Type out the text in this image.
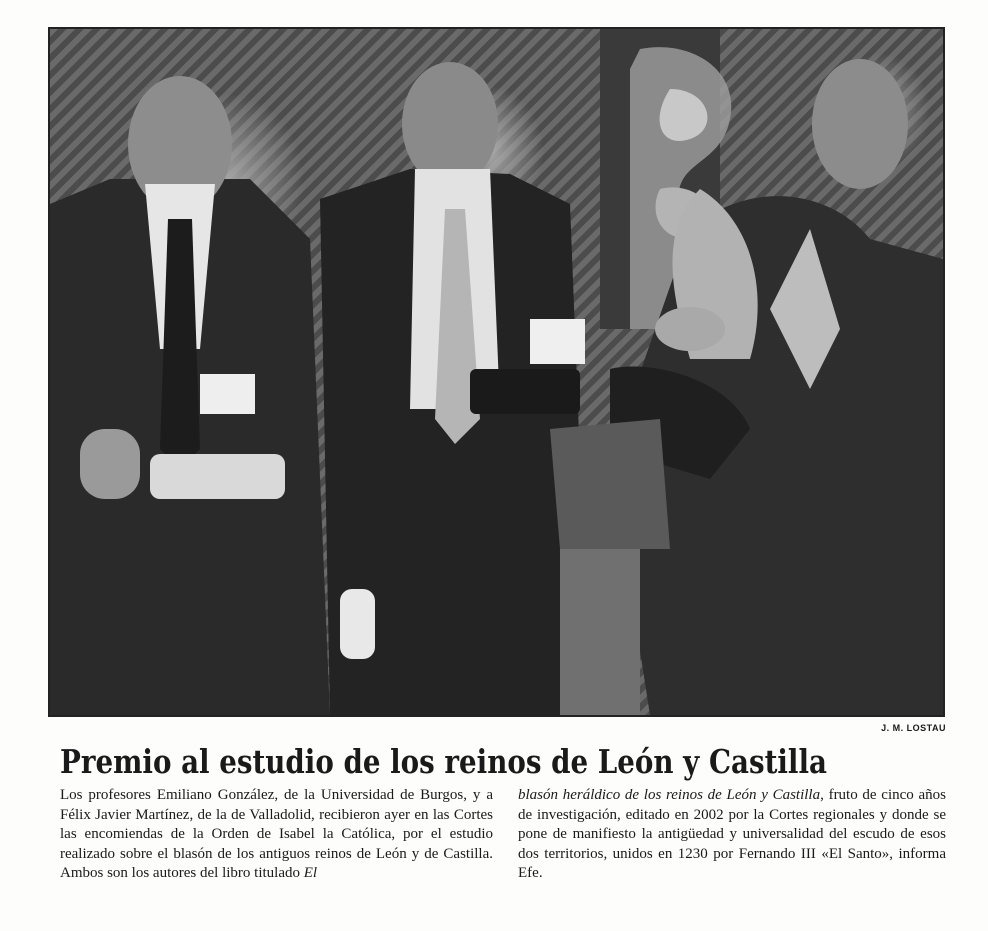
J. M. LOSTAU
Premio al estudio de los reinos de León y Castilla

Los profesores Emiliano González, de la Universidad de Burgos, y a Félix Javier Martínez, de la de Valladolid, recibieron ayer en las Cortes las encomiendas de la Orden de Isabel la Católica, por el estudio realizado sobre el blasón de los antiguos reinos de León y de Castilla. Ambos son los autores del libro titulado El

blasón heráldico de los reinos de León y Castilla, fruto de cinco años de investigación, editado en 2002 por la Cortes regionales y donde se pone de manifiesto la antigüedad y universalidad del escudo de esos dos territorios, unidos en 1230 por Fernando III «El Santo», informa Efe.
